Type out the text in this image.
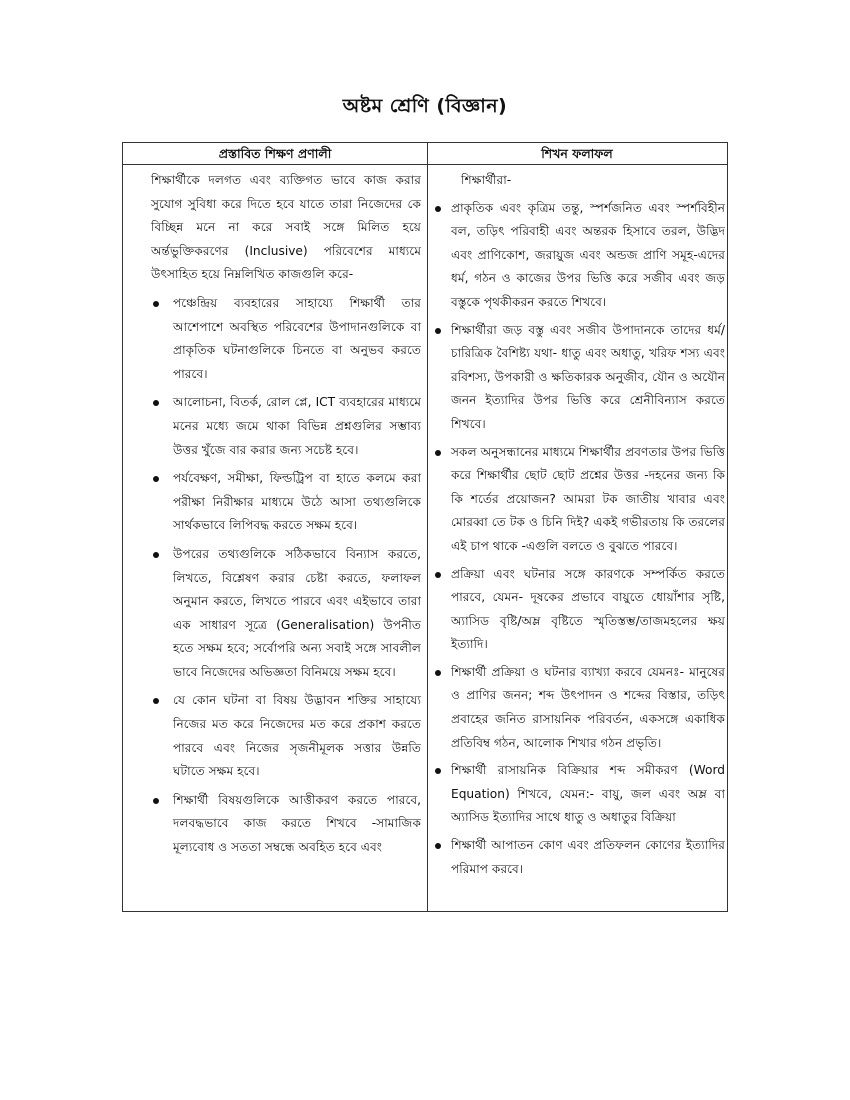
অষ্টম শ্রেণি (বিজ্ঞান)
প্রস্তাবিত শিক্ষণ প্রণালী	শিখন ফলাফল

শিক্ষার্থীকে দলগত এবং ব্যক্তিগত ভাবে কাজ করার সুযোগ সুবিধা করে দিতে হবে যাতে তারা নিজেদের কে বিচ্ছিন্ন মনে না করে সবাই সঙ্গে মিলিত হয়ে অর্ন্তভুক্তিকরণের (Inclusive) পরিবেশের মাধ্যমে উৎসাহিত হয়ে নিম্নলিখিত কাজগুলি করে-

পঞ্চেন্দ্রিয় ব্যবহারের সাহায্যে শিক্ষার্থী তার আশেপাশে অবস্থিত পরিবেশের উপাদানগুলিকে বা প্রাকৃতিক ঘটনাগুলিকে চিনতে বা অনুভব করতে পারবে।

আলোচনা, বিতর্ক, রোল প্লে, ICT ব্যবহারের মাধ্যমে মনের মধ্যে জমে থাকা বিভিন্ন প্রশ্নগুলির সম্ভাব্য উত্তর খুঁজে বার করার জন্য সচেষ্ট হবে।

পর্যবেক্ষণ, সমীক্ষা, ফিল্ডট্রিপ বা হাতে কলমে করা পরীক্ষা নিরীক্ষার মাধ্যমে উঠে আসা তথ্যগুলিকে সার্থকভাবে লিপিবদ্ধ করতে সক্ষম হবে।

উপরের তথ্যগুলিকে সঠিকভাবে বিন্যাস করতে, লিখতে, বিশ্লেষণ করার চেষ্টা করতে, ফলাফল অনুমান করতে, লিখতে পারবে এবং এইভাবে তারা এক সাধারণ সূত্রে (Generalisation) উপনীত হতে সক্ষম হবে; সর্বোপরি অন্য সবাই সঙ্গে সাবলীল ভাবে নিজেদের অভিজ্ঞতা বিনিময়ে সক্ষম হবে।

যে কোন ঘটনা বা বিষয় উদ্ভাবন শক্তির সাহায্যে নিজের মত করে নিজেদের মত করে প্রকাশ করতে পারবে এবং নিজের সৃজনীমূলক সত্তার উন্নতি ঘটাতে সক্ষম হবে।

শিক্ষার্থী বিষয়গুলিকে আত্তীকরণ করতে পারবে, দলবদ্ধভাবে কাজ করতে শিখবে -সামাজিক মূল্যবোধ ও সততা সম্বন্ধে অবহিত হবে এবং

শিক্ষার্থীরা-

প্রাকৃতিক এবং কৃত্রিম তন্তু, স্পর্শজনিত এবং স্পর্শবিহীন বল, তড়িৎ পরিবাহী এবং অন্তরক হিসাবে তরল, উদ্ভিদ এবং প্রাণিকোশ, জরায়ুজ এবং অন্ডজ প্রাণি সমূহ-এদের ধর্ম, গঠন ও কাজের উপর ভিত্তি করে সজীব এবং জড় বস্তুকে পৃথকীকরন করতে শিখবে।

শিক্ষার্থীরা জড় বস্তু এবং সজীব উপাদানকে তাদের ধর্ম/ চারিত্রিক বৈশিষ্ট্য যথা- ধাতু এবং অধাতু, খরিফ শস্য এবং রবিশস্য, উপকারী ও ক্ষতিকারক অনুজীব, যৌন ও অযৌন জনন ইত্যাদির উপর ভিত্তি করে শ্রেনীবিন্যাস করতে শিখবে।

সকল অনুসন্ধানের মাধ্যমে শিক্ষার্থীর প্রবণতার উপর ভিত্তি করে শিক্ষার্থীর ছোট ছোট প্রশ্নের উত্তর -দহনের জন্য কি কি শর্তের প্রয়োজন? আমরা টক জাতীয় খাবার এবং মোরব্বা তে টক ও চিনি দিই? একই গভীরতায় কি তরলের এই চাপ থাকে -এগুলি বলতে ও বুঝতে পারবে।

প্রক্রিয়া এবং ঘটনার সঙ্গে কারণকে সম্পর্কিত করতে পারবে, যেমন- দূষকের প্রভাবে বায়ুতে ধোয়াঁশার সৃষ্টি, অ্যাসিড বৃষ্টি/অম্ল বৃষ্টিতে স্মৃতিস্তম্ভ/তাজমহলের ক্ষয় ইত্যাদি।

শিক্ষার্থী প্রক্রিয়া ও ঘটনার ব্যাখ্যা করবে যেমনঃ- মানুষের ও প্রাণির জনন; শব্দ উৎপাদন ও শব্দের বিস্তার, তড়িৎ প্রবাহের জনিত রাসায়নিক পরিবর্তন, একসঙ্গে একাধিক প্রতিবিম্ব গঠন, আলোক শিখার গঠন প্রভৃতি।

শিক্ষার্থী রাসায়নিক বিক্রিয়ার শব্দ সমীকরণ (Word Equation) শিখবে, যেমন:- বায়ু, জল এবং অম্ল বা অ্যাসিড ইত্যাদির সাথে ধাতু ও অধাতুর বিক্রিয়া

শিক্ষার্থী আপাতন কোণ এবং প্রতিফলন কোণের ইত্যাদির পরিমাপ করবে।
